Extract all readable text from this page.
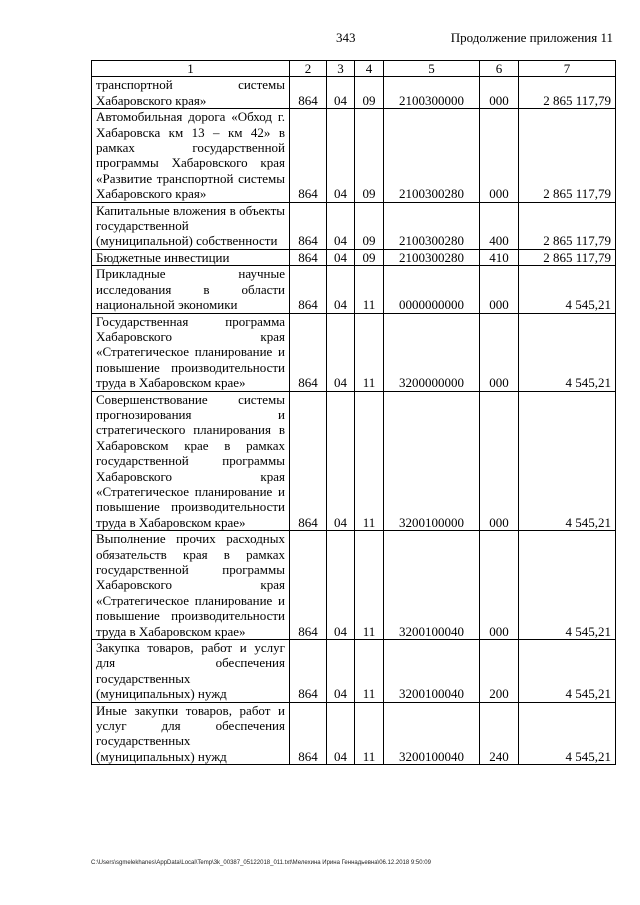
343	Продолжение приложения 11
1	2	3	4	5	6	7
транспортной системы Хабаровского края»	864	04	09	2100300000	000	2 865 117,79
Автомобильная дорога «Обход г. Хабаровска км 13 – км 42» в рамках государственной программы Хабаровского края «Развитие транспортной системы Хабаровского края»	864	04	09	2100300280	000	2 865 117,79
Капитальные вложения в объекты государственной (муниципальной) собственности	864	04	09	2100300280	400	2 865 117,79
Бюджетные инвестиции	864	04	09	2100300280	410	2 865 117,79
Прикладные научные исследования в области национальной экономики	864	04	11	0000000000	000	4 545,21
Государственная программа Хабаровского края «Стратегическое планирование и повышение производительности труда в Хабаровском крае»	864	04	11	3200000000	000	4 545,21
Совершенствование системы прогнозирования и стратегического планирования в Хабаровском крае в рамках государственной программы Хабаровского края «Стратегическое планирование и повышение производительности труда в Хабаровском крае»	864	04	11	3200100000	000	4 545,21
Выполнение прочих расходных обязательств края в рамках государственной программы Хабаровского края «Стратегическое планирование и повышение производительности труда в Хабаровском крае»	864	04	11	3200100040	000	4 545,21
Закупка товаров, работ и услуг для обеспечения государственных (муниципальных) нужд	864	04	11	3200100040	200	4 545,21
Иные закупки товаров, работ и услуг для обеспечения государственных (муниципальных) нужд	864	04	11	3200100040	240	4 545,21
C:\Users\sgmelekhanes\AppData\Local\Temp\3k_00387_05122018_011.txt\Мелехина Ирина Геннадьевна\06.12.2018 9:50:09
